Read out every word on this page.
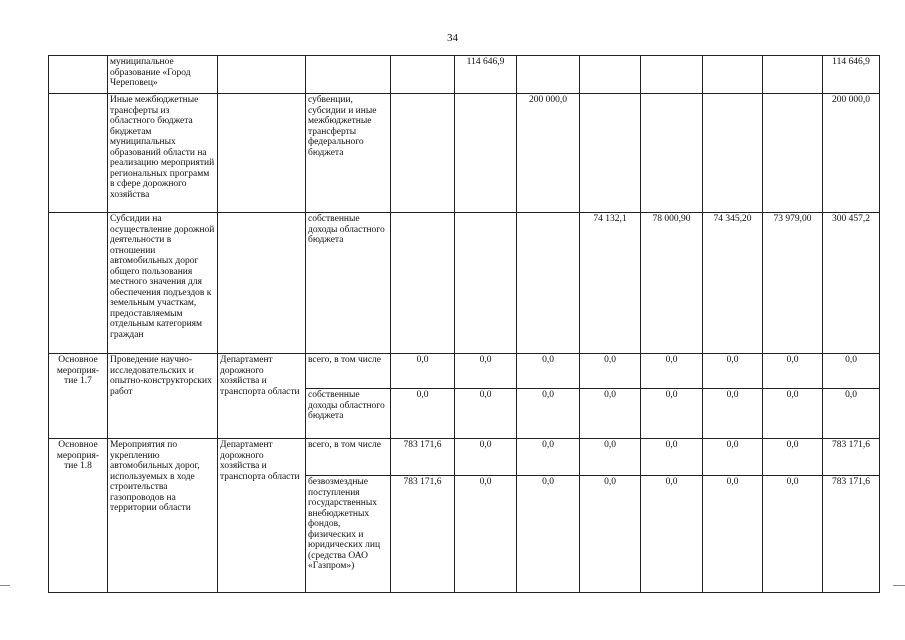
34
	муниципальное образование «Город Череповец»				114 646,9						114 646,9
	Иные межбюджетные трансферты из областного бюджета бюджетам муниципальных образований области на реализацию мероприятий региональных программ в сфере дорожного хозяйства		субвенции, субсидии и иные межбюджетные трансферты федерального бюджета			200 000,0					200 000,0
	Субсидии на осуществление дорожной деятельности в отношении автомобильных дорог общего пользования местного значения для обеспечения подъездов к земельным участкам, предоставляемым отдельным категориям граждан		собственные доходы областного бюджета				74 132,1	78 000,90	74 345,20	73 979,00	300 457,2
Основное мероприя-тие 1.7	Проведение научно-исследовательских и опытно-конструкторских работ	Департамент дорожного хозяйства и транспорта области	всего, в том числе	0,0	0,0	0,0	0,0	0,0	0,0	0,0	0,0
			собственные доходы областного бюджета	0,0	0,0	0,0	0,0	0,0	0,0	0,0	0,0
Основное мероприя-тие 1.8	Мероприятия по укреплению автомобильных дорог, используемых в ходе строительства газопроводов на территории области	Департамент дорожного хозяйства и транспорта области	всего, в том числе	783 171,6	0,0	0,0	0,0	0,0	0,0	0,0	783 171,6
			безвозмездные поступления государственных внебюджетных фондов, физических и юридических лиц (средства ОАО «Газпром»)	783 171,6	0,0	0,0	0,0	0,0	0,0	0,0	783 171,6
